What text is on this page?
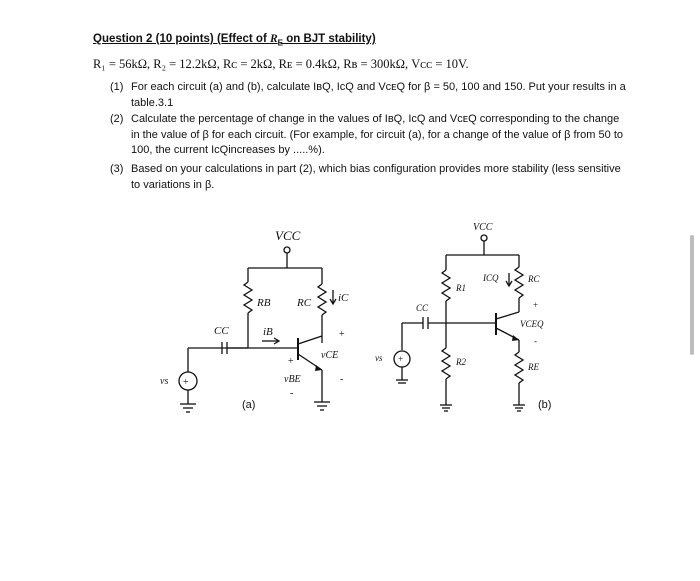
Question 2 (10 points) (Effect of $R_E$ on BJT stability)
R₁ = 56kΩ, R₂ = 12.2kΩ, Rᴄ = 2kΩ, Rᴇ = 0.4kΩ, Rʙ = 300kΩ, Vᴄᴄ = 10V.
(1) For each circuit (a) and (b), calculate IʙQ, IᴄQ and VᴄᴇQ for β = 50, 100 and 150. Put your results in a table.3.1
(2) Calculate the percentage of change in the values of IʙQ, IᴄQ and VᴄᴇQ corresponding to the change in the value of β for each circuit. (For example, for circuit (a), for a change of the value of β from 50 to 100, the current IᴄQincreases by .....%).
(3) Based on your calculations in part (2), which bias configuration provides more stability (less sensitive to variations in β.
VCC
RB RC iC
iB
CC	+
vCE
-
+
vBE
-
vs +
(a)
VCC
R1
ICQ	RC
CC	+
VCEQ
-
R2	RE
vs +
(b)
